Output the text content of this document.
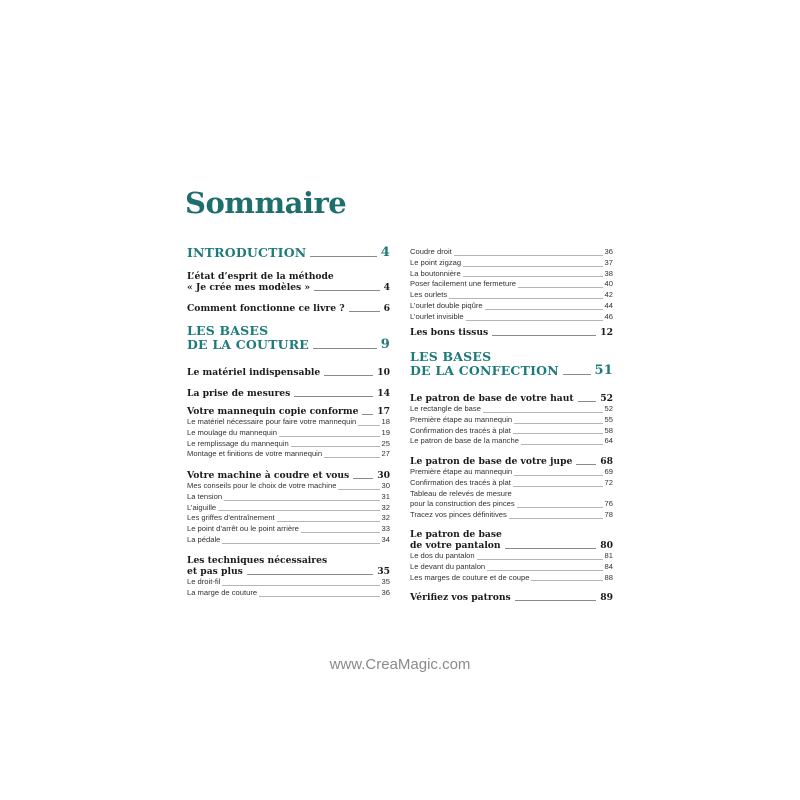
Sommaire
INTRODUCTION	4
L’état d’esprit de la méthode
« Je crée mes modèles »	4
Comment fonctionne ce livre ?	6
LES BASES
DE LA COUTURE	9
Le matériel indispensable	10
La prise de mesures	14
Votre mannequin copie conforme 17
Le matériel nécessaire pour faire votre mannequin	18
Le moulage du mannequin	19
Le remplissage du mannequin	25
Montage et finitions de votre mannequin	27
Votre machine à coudre et vous	30
Mes conseils pour le choix de votre machine	30
La tension	31
L’aiguille	32
Les griffes d’entraînement	32
Le point d’arrêt ou le point arrière	33
La pédale	34
Les techniques nécessaires
et pas plus	35
Le droit-fil	35
La marge de couture	36
Coudre droit	36
Le point zigzag	37
La boutonnière	38
Poser facilement une fermeture	40
Les ourlets	42
L’ourlet double piqûre	44
L’ourlet invisible	46
Les bons tissus	12
LES BASES
DE LA CONFECTION	51
Le patron de base de votre haut	52
Le rectangle de base	52
Première étape au mannequin	55
Confirmation des tracés à plat	58
Le patron de base de la manche	64
Le patron de base de votre jupe	68
Première étape au mannequin	69
Confirmation des tracés à plat	72
Tableau de relevés de mesure
pour la construction des pinces	76
Tracez vos pinces définitives	78
Le patron de base
de votre pantalon	80
Le dos du pantalon	81
Le devant du pantalon	84
Les marges de couture et de coupe	88
Vérifiez vos patrons	89
www.CreaMagic.com
